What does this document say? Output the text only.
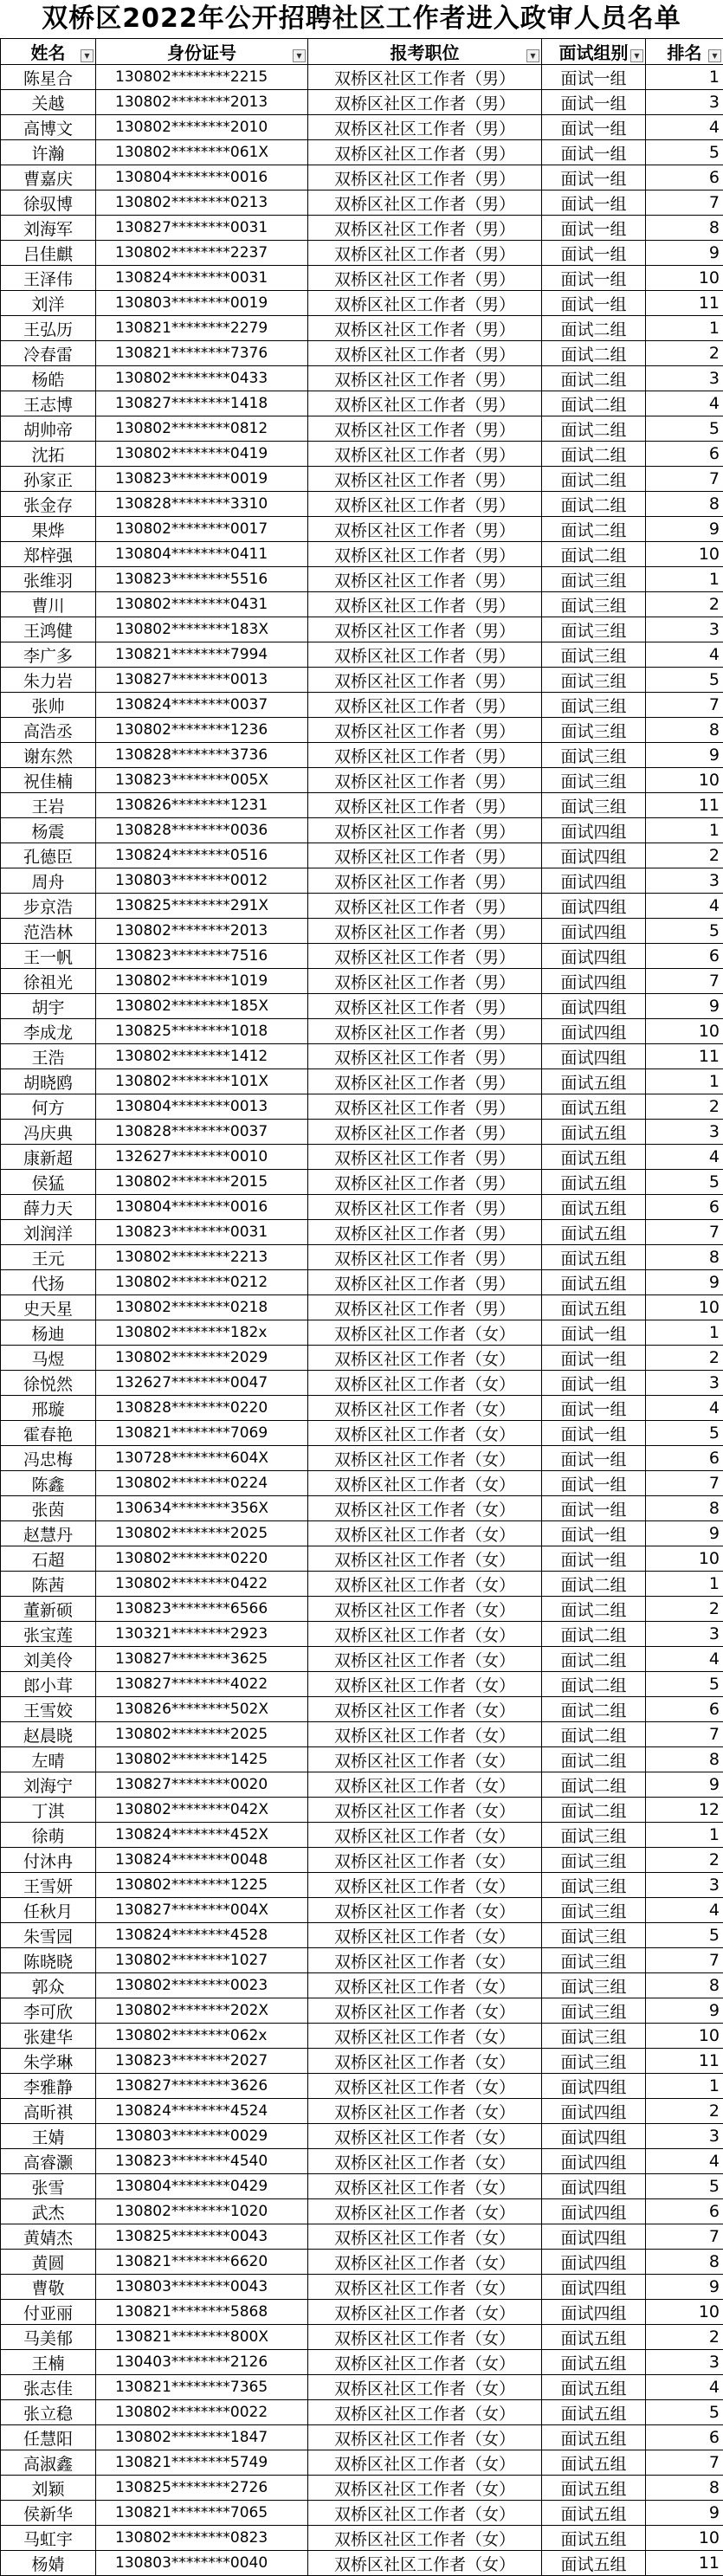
双桥区2022年公开招聘社区工作者进入政审人员名单
姓名 ▼	身份证号 ▼	报考职位 ▼	面试组别 ▼	排名 ▼

陈星合	130802********2215	双桥区社区工作者（男）	面试一组	1
关越	130802********2013	双桥区社区工作者（男）	面试一组	3
高博文	130802********2010	双桥区社区工作者（男）	面试一组	4
许瀚	130802********061X	双桥区社区工作者（男）	面试一组	5
曹嘉庆	130804********0016	双桥区社区工作者（男）	面试一组	6
徐驭博	130802********0213	双桥区社区工作者（男）	面试一组	7
刘海军	130827********0031	双桥区社区工作者（男）	面试一组	8
吕佳麒	130802********2237	双桥区社区工作者（男）	面试一组	9
王泽伟	130824********0031	双桥区社区工作者（男）	面试一组	10
刘洋	130803********0019	双桥区社区工作者（男）	面试一组	11
王弘历	130821********2279	双桥区社区工作者（男）	面试二组	1
冷春雷	130821********7376	双桥区社区工作者（男）	面试二组	2
杨皓	130802********0433	双桥区社区工作者（男）	面试二组	3
王志博	130827********1418	双桥区社区工作者（男）	面试二组	4
胡帅帝	130802********0812	双桥区社区工作者（男）	面试二组	5
沈拓	130802********0419	双桥区社区工作者（男）	面试二组	6
孙家正	130823********0019	双桥区社区工作者（男）	面试二组	7
张金存	130828********3310	双桥区社区工作者（男）	面试二组	8
果烨	130802********0017	双桥区社区工作者（男）	面试二组	9
郑梓强	130804********0411	双桥区社区工作者（男）	面试二组	10
张维羽	130823********5516	双桥区社区工作者（男）	面试三组	1
曹川	130802********0431	双桥区社区工作者（男）	面试三组	2
王鸿健	130802********183X	双桥区社区工作者（男）	面试三组	3
李广多	130821********7994	双桥区社区工作者（男）	面试三组	4
朱力岩	130827********0013	双桥区社区工作者（男）	面试三组	5
张帅	130824********0037	双桥区社区工作者（男）	面试三组	7
高浩丞	130802********1236	双桥区社区工作者（男）	面试三组	8
谢东然	130828********3736	双桥区社区工作者（男）	面试三组	9
祝佳楠	130823********005X	双桥区社区工作者（男）	面试三组	10
王岩	130826********1231	双桥区社区工作者（男）	面试三组	11
杨震	130828********0036	双桥区社区工作者（男）	面试四组	1
孔德臣	130824********0516	双桥区社区工作者（男）	面试四组	2
周舟	130803********0012	双桥区社区工作者（男）	面试四组	3
步京浩	130825********291X	双桥区社区工作者（男）	面试四组	4
范浩林	130802********2013	双桥区社区工作者（男）	面试四组	5
王一帆	130823********7516	双桥区社区工作者（男）	面试四组	6
徐祖光	130802********1019	双桥区社区工作者（男）	面试四组	7
胡宇	130802********185X	双桥区社区工作者（男）	面试四组	9
李成龙	130825********1018	双桥区社区工作者（男）	面试四组	10
王浩	130802********1412	双桥区社区工作者（男）	面试四组	11
胡晓鸥	130802********101X	双桥区社区工作者（男）	面试五组	1
何方	130804********0013	双桥区社区工作者（男）	面试五组	2
冯庆典	130828********0037	双桥区社区工作者（男）	面试五组	3
康新超	132627********0010	双桥区社区工作者（男）	面试五组	4
侯猛	130802********2015	双桥区社区工作者（男）	面试五组	5
薛力天	130804********0016	双桥区社区工作者（男）	面试五组	6
刘润洋	130823********0031	双桥区社区工作者（男）	面试五组	7
王元	130802********2213	双桥区社区工作者（男）	面试五组	8
代扬	130802********0212	双桥区社区工作者（男）	面试五组	9
史天星	130802********0218	双桥区社区工作者（男）	面试五组	10
杨迪	130802********182x	双桥区社区工作者（女）	面试一组	1
马煜	130802********2029	双桥区社区工作者（女）	面试一组	2
徐悦然	132627********0047	双桥区社区工作者（女）	面试一组	3
邢璇	130828********0220	双桥区社区工作者（女）	面试一组	4
霍春艳	130821********7069	双桥区社区工作者（女）	面试一组	5
冯忠梅	130728********604X	双桥区社区工作者（女）	面试一组	6
陈鑫	130802********0224	双桥区社区工作者（女）	面试一组	7
张茵	130634********356X	双桥区社区工作者（女）	面试一组	8
赵慧丹	130802********2025	双桥区社区工作者（女）	面试一组	9
石超	130802********0220	双桥区社区工作者（女）	面试一组	10
陈茜	130802********0422	双桥区社区工作者（女）	面试二组	1
董新硕	130823********6566	双桥区社区工作者（女）	面试二组	2
张宝莲	130321********2923	双桥区社区工作者（女）	面试二组	3
刘美伶	130827********3625	双桥区社区工作者（女）	面试二组	4
郎小茸	130827********4022	双桥区社区工作者（女）	面试二组	5
王雪姣	130826********502X	双桥区社区工作者（女）	面试二组	6
赵晨晓	130802********2025	双桥区社区工作者（女）	面试二组	7
左晴	130802********1425	双桥区社区工作者（女）	面试二组	8
刘海宁	130827********0020	双桥区社区工作者（女）	面试二组	9
丁淇	130802********042X	双桥区社区工作者（女）	面试二组	12
徐萌	130824********452X	双桥区社区工作者（女）	面试三组	1
付沐冉	130824********0048	双桥区社区工作者（女）	面试三组	2
王雪妍	130802********1225	双桥区社区工作者（女）	面试三组	3
任秋月	130827********004X	双桥区社区工作者（女）	面试三组	4
朱雪园	130824********4528	双桥区社区工作者（女）	面试三组	5
陈晓晓	130802********1027	双桥区社区工作者（女）	面试三组	7
郭众	130802********0023	双桥区社区工作者（女）	面试三组	8
李可欣	130802********202X	双桥区社区工作者（女）	面试三组	9
张建华	130802********062x	双桥区社区工作者（女）	面试三组	10
朱学琳	130823********2027	双桥区社区工作者（女）	面试三组	11
李雅静	130827********3626	双桥区社区工作者（女）	面试四组	1
高昕祺	130824********4524	双桥区社区工作者（女）	面试四组	2
王婧	130803********0029	双桥区社区工作者（女）	面试四组	3
高睿灏	130823********4540	双桥区社区工作者（女）	面试四组	4
张雪	130804********0429	双桥区社区工作者（女）	面试四组	5
武杰	130802********1020	双桥区社区工作者（女）	面试四组	6
黄婧杰	130825********0043	双桥区社区工作者（女）	面试四组	7
黄圆	130821********6620	双桥区社区工作者（女）	面试四组	8
曹敬	130803********0043	双桥区社区工作者（女）	面试四组	9
付亚丽	130821********5868	双桥区社区工作者（女）	面试四组	10
马美郁	130821********800X	双桥区社区工作者（女）	面试五组	2
王楠	130403********2126	双桥区社区工作者（女）	面试五组	3
张志佳	130821********7365	双桥区社区工作者（女）	面试五组	4
张立稳	130802********0022	双桥区社区工作者（女）	面试五组	5
任慧阳	130802********1847	双桥区社区工作者（女）	面试五组	6
高淑鑫	130821********5749	双桥区社区工作者（女）	面试五组	7
刘颖	130825********2726	双桥区社区工作者（女）	面试五组	8
侯新华	130821********7065	双桥区社区工作者（女）	面试五组	9
马虹宇	130802********0823	双桥区社区工作者（女）	面试五组	10
杨婧	130803********0040	双桥区社区工作者（女）	面试五组	11
